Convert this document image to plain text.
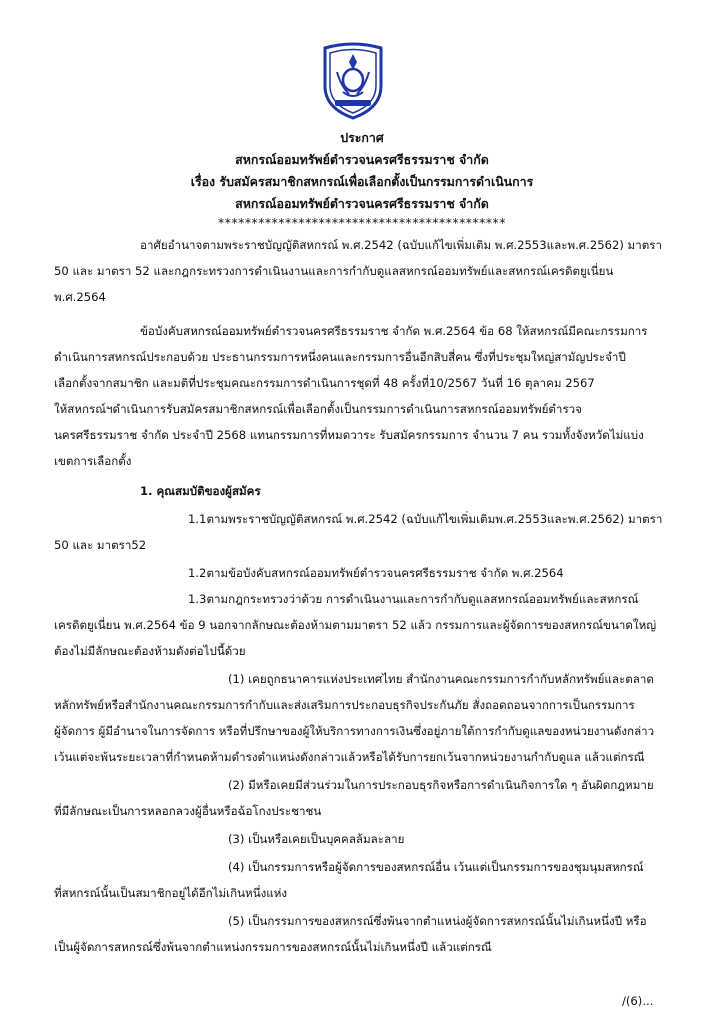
ประกาศ
สหกรณ์ออมทรัพย์ตำรวจนครศรีธรรมราช จำกัด
เรื่อง รับสมัครสมาชิกสหกรณ์เพื่อเลือกตั้งเป็นกรรมการดำเนินการ
สหกรณ์ออมทรัพย์ตำรวจนครศรีธรรมราช จำกัด
*******************************************
อาศัยอำนาจตามพระราชบัญญัติสหกรณ์ พ.ศ.2542 (ฉบับแก้ไขเพิ่มเติม พ.ศ.2553และพ.ศ.2562) มาตรา
50 และ มาตรา 52 และกฎกระทรวงการดำเนินงานและการกำกับดูแลสหกรณ์ออมทรัพย์และสหกรณ์เครดิตยูเนี่ยน
พ.ศ.2564
ข้อบังคับสหกรณ์ออมทรัพย์ตำรวจนครศรีธรรมราช จำกัด พ.ศ.2564 ข้อ 68 ให้สหกรณ์มีคณะกรรมการ
ดำเนินการสหกรณ์ประกอบด้วย ประธานกรรมการหนึ่งคนและกรรมการอื่นอีกสิบสี่คน ซึ่งที่ประชุมใหญ่สามัญประจำปี
เลือกตั้งจากสมาชิก และมติที่ประชุมคณะกรรมการดำเนินการชุดที่ 48 ครั้งที่10/2567 วันที่ 16 ตุลาคม 2567
ให้สหกรณ์ฯดำเนินการรับสมัครสมาชิกสหกรณ์เพื่อเลือกตั้งเป็นกรรมการดำเนินการสหกรณ์ออมทรัพย์ตำรวจ
นครศรีธรรมราช จำกัด ประจำปี 2568 แทนกรรมการที่หมดวาระ รับสมัครกรรมการ จำนวน 7 คน รวมทั้งจังหวัดไม่แบ่ง
เขตการเลือกตั้ง
1. คุณสมบัติของผู้สมัคร
1.1ตามพระราชบัญญัติสหกรณ์ พ.ศ.2542 (ฉบับแก้ไขเพิ่มเติมพ.ศ.2553และพ.ศ.2562) มาตรา
50 และ มาตรา52
1.2ตามข้อบังคับสหกรณ์ออมทรัพย์ตำรวจนครศรีธรรมราช จำกัด พ.ศ.2564
1.3ตามกฎกระทรวงว่าด้วย การดำเนินงานและการกำกับดูแลสหกรณ์ออมทรัพย์และสหกรณ์
เครดิตยูเนี่ยน พ.ศ.2564 ข้อ 9 นอกจากลักษณะต้องห้ามตามมาตรา 52 แล้ว กรรมการและผู้จัดการของสหกรณ์ขนาดใหญ่
ต้องไม่มีลักษณะต้องห้ามดังต่อไปนี้ด้วย
(1) เคยถูกธนาคารแห่งประเทศไทย สำนักงานคณะกรรมการกำกับหลักทรัพย์และตลาด
หลักทรัพย์หรือสำนักงานคณะกรรมการกำกับและส่งเสริมการประกอบธุรกิจประกันภัย สั่งถอดถอนจากการเป็นกรรมการ
ผู้จัดการ ผู้มีอำนาจในการจัดการ หรือที่ปรึกษาของผู้ให้บริการทางการเงินซึ่งอยู่ภายใต้การกำกับดูแลของหน่วยงานดังกล่าว
เว้นแต่จะพ้นระยะเวลาที่กำหนดห้ามดำรงตำแหน่งดังกล่าวแล้วหรือได้รับการยกเว้นจากหน่วยงานกำกับดูแล แล้วแต่กรณี
(2) มีหรือเคยมีส่วนร่วมในการประกอบธุรกิจหรือการดำเนินกิจการใด ๆ อันผิดกฎหมาย
ที่มีลักษณะเป็นการหลอกลวงผู้อื่นหรือฉ้อโกงประชาชน
(3) เป็นหรือเคยเป็นบุคคลล้มละลาย
(4) เป็นกรรมการหรือผู้จัดการของสหกรณ์อื่น เว้นแต่เป็นกรรมการของชุมนุมสหกรณ์
ที่สหกรณ์นั้นเป็นสมาชิกอยู่ได้อีกไม่เกินหนึ่งแห่ง
(5) เป็นกรรมการของสหกรณ์ซึ่งพ้นจากตำแหน่งผู้จัดการสหกรณ์นั้นไม่เกินหนึ่งปี หรือ
เป็นผู้จัดการสหกรณ์ซึ่งพ้นจากตำแหน่งกรรมการของสหกรณ์นั้นไม่เกินหนึ่งปี แล้วแต่กรณี
/(6)...
